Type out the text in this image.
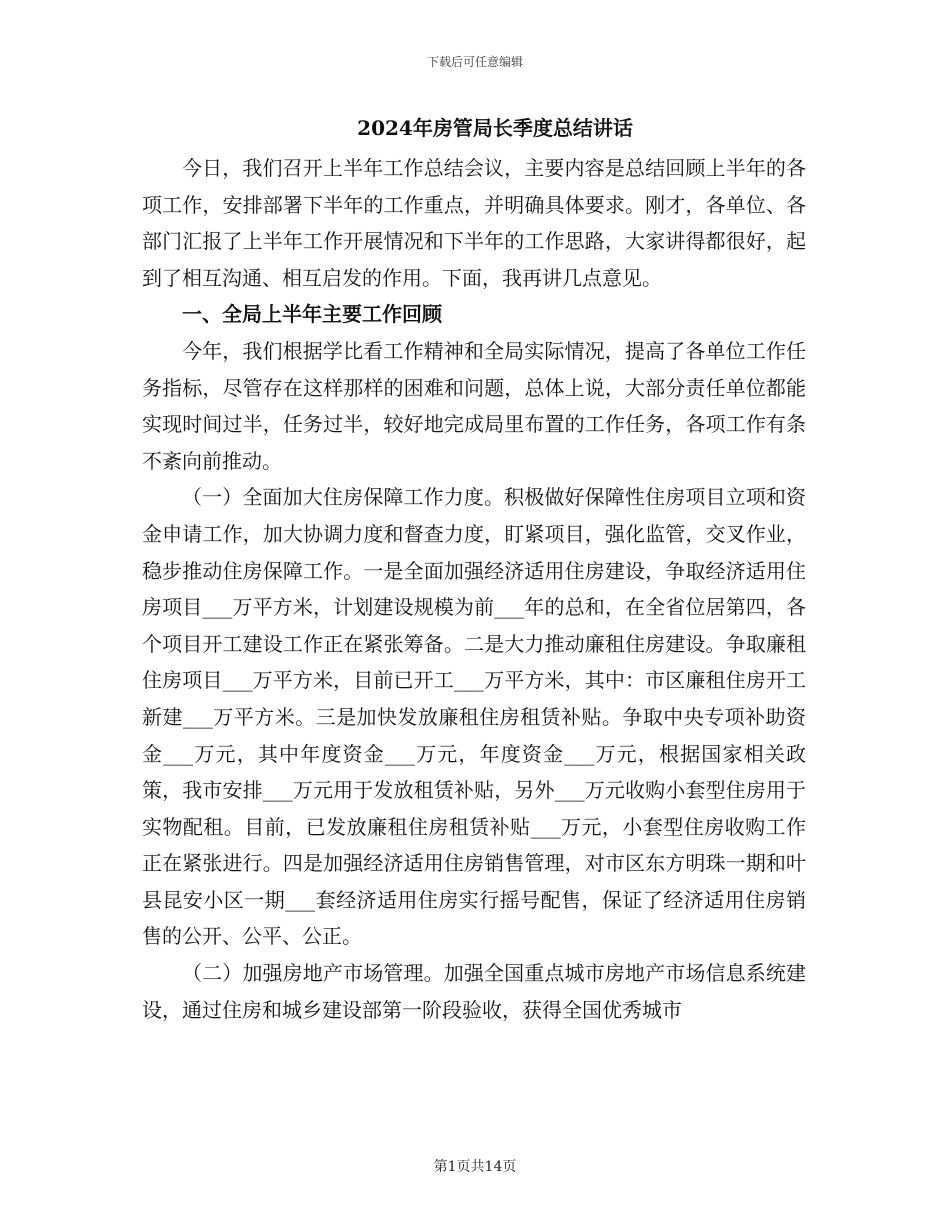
下载后可任意编辑
2024年房管局长季度总结讲话

今日，我们召开上半年工作总结会议，主要内容是总结回顾上半年的各项工作，安排部署下半年的工作重点，并明确具体要求。刚才，各单位、各部门汇报了上半年工作开展情况和下半年的工作思路，大家讲得都很好，起到了相互沟通、相互启发的作用。下面，我再讲几点意见。

一、全局上半年主要工作回顾

今年，我们根据学比看工作精神和全局实际情况，提高了各单位工作任务指标，尽管存在这样那样的困难和问题，总体上说，大部分责任单位都能实现时间过半，任务过半，较好地完成局里布置的工作任务，各项工作有条不紊向前推动。

（一）全面加大住房保障工作力度。积极做好保障性住房项目立项和资金申请工作，加大协调力度和督查力度，盯紧项目，强化监管，交叉作业，稳步推动住房保障工作。一是全面加强经济适用住房建设，争取经济适用住房项目___万平方米，计划建设规模为前___年的总和，在全省位居第四，各个项目开工建设工作正在紧张筹备。二是大力推动廉租住房建设。争取廉租住房项目___万平方米，目前已开工___万平方米，其中：市区廉租住房开工新建___万平方米。三是加快发放廉租住房租赁补贴。争取中央专项补助资金___万元，其中年度资金___万元，年度资金___万元，根据国家相关政策，我市安排___万元用于发放租赁补贴，另外___万元收购小套型住房用于实物配租。目前，已发放廉租住房租赁补贴___万元，小套型住房收购工作正在紧张进行。四是加强经济适用住房销售管理，对市区东方明珠一期和叶县昆安小区一期___套经济适用住房实行摇号配售，保证了经济适用住房销售的公开、公平、公正。

（二）加强房地产市场管理。加强全国重点城市房地产市场信息系统建设，通过住房和城乡建设部第一阶段验收，获得全国优秀城市

第1页共14页
